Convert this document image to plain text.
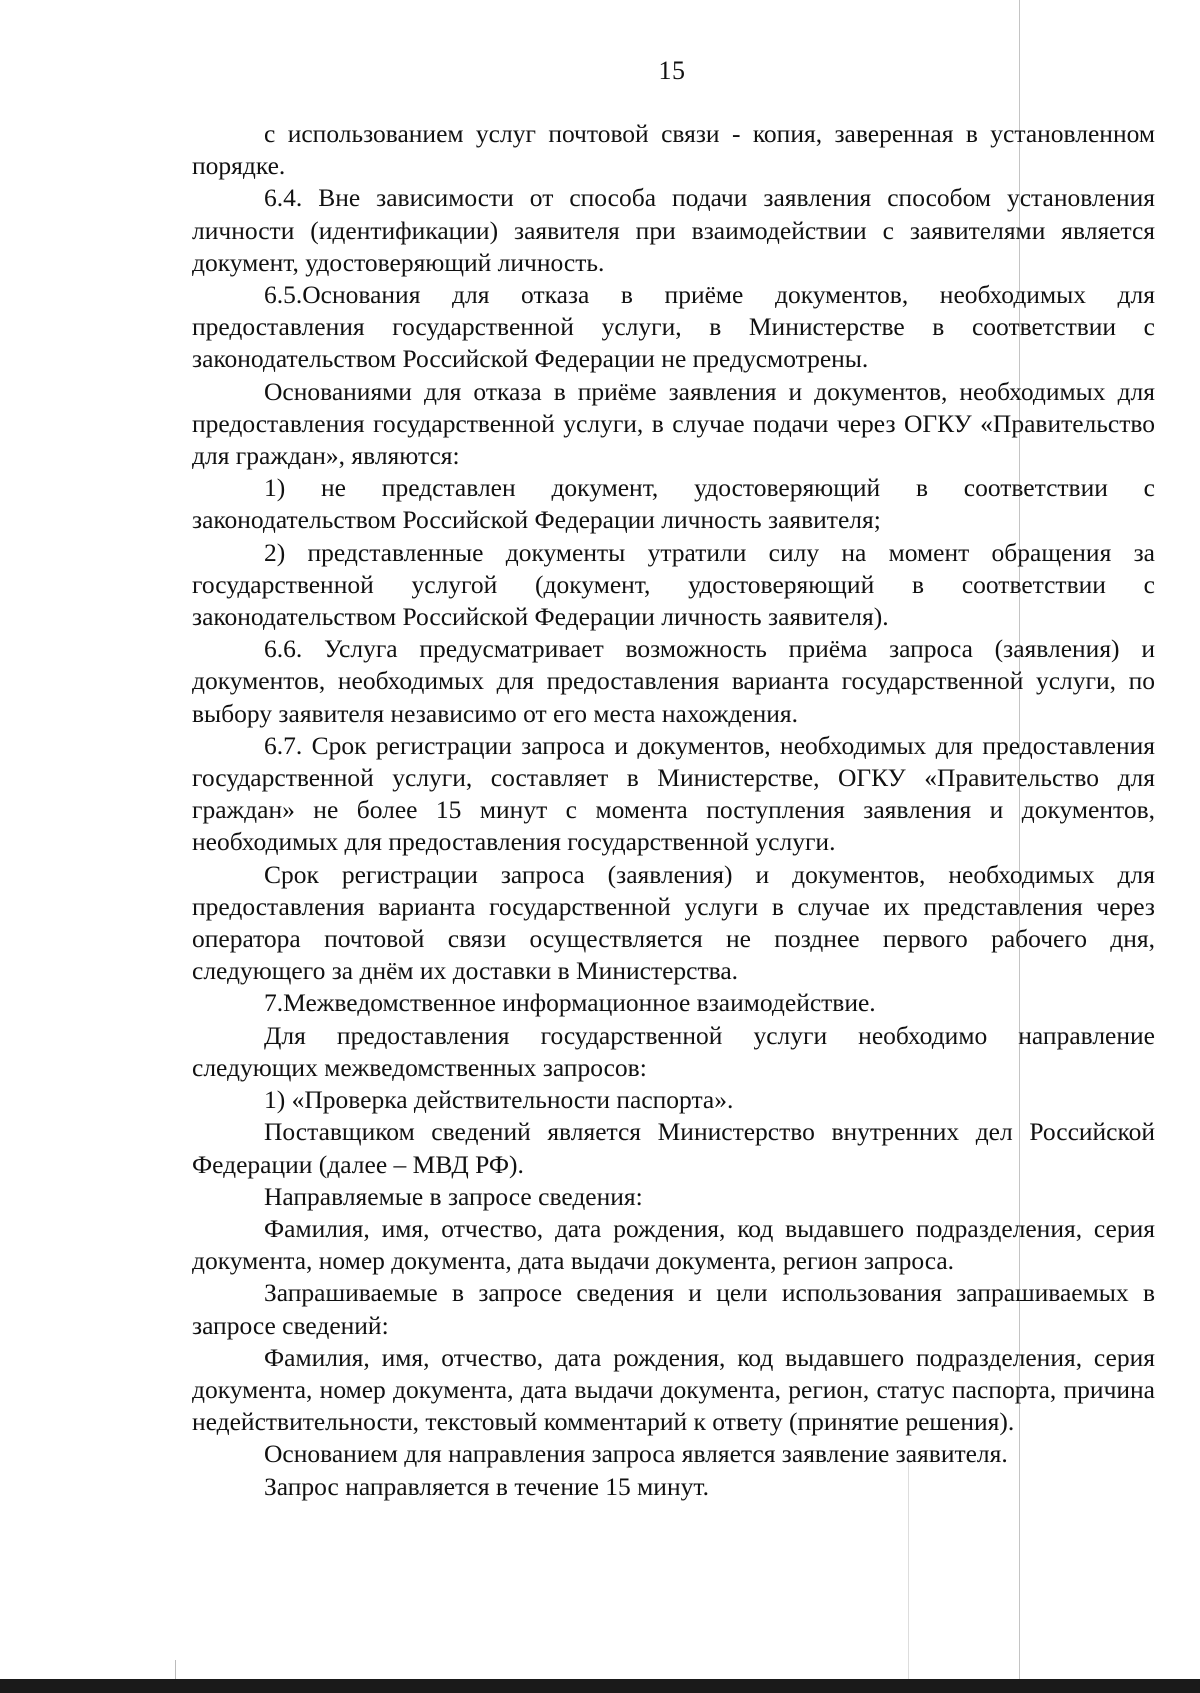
15

с использованием услуг почтовой связи - копия, заверенная в установленном порядке.

6.4. Вне зависимости от способа подачи заявления способом установления личности (идентификации) заявителя при взаимодействии с заявителями является документ, удостоверяющий личность.

6.5.Основания для отказа в приёме документов, необходимых для предоставления государственной услуги, в Министерстве в соответствии с законодательством Российской Федерации не предусмотрены.

Основаниями для отказа в приёме заявления и документов, необходимых для предоставления государственной услуги, в случае подачи через ОГКУ «Правительство для граждан», являются:

1) не представлен документ, удостоверяющий в соответствии с законодательством Российской Федерации личность заявителя;

2) представленные документы утратили силу на момент обращения за государственной услугой (документ, удостоверяющий в соответствии с законодательством Российской Федерации личность заявителя).

6.6. Услуга предусматривает возможность приёма запроса (заявления) и документов, необходимых для предоставления варианта государственной услуги, по выбору заявителя независимо от его места нахождения.

6.7. Срок регистрации запроса и документов, необходимых для предоставления государственной услуги, составляет в Министерстве, ОГКУ «Правительство для граждан» не более 15 минут с момента поступления заявления и документов, необходимых для предоставления государственной услуги.

Срок регистрации запроса (заявления) и документов, необходимых для предоставления варианта государственной услуги в случае их представления через оператора почтовой связи осуществляется не позднее первого рабочего дня, следующего за днём их доставки в Министерства.

7.Межведомственное информационное взаимодействие.

Для предоставления государственной услуги необходимо направление следующих межведомственных запросов:

1) «Проверка действительности паспорта».

Поставщиком сведений является Министерство внутренних дел Российской Федерации (далее – МВД РФ).

Направляемые в запросе сведения:

Фамилия, имя, отчество, дата рождения, код выдавшего подразделения, серия документа, номер документа, дата выдачи документа, регион запроса.

Запрашиваемые в запросе сведения и цели использования запрашиваемых в запросе сведений:

Фамилия, имя, отчество, дата рождения, код выдавшего подразделения, серия документа, номер документа, дата выдачи документа, регион, статус паспорта, причина недействительности, текстовый комментарий к ответу (принятие решения).

Основанием для направления запроса является заявление заявителя.

Запрос направляется в течение 15 минут.
